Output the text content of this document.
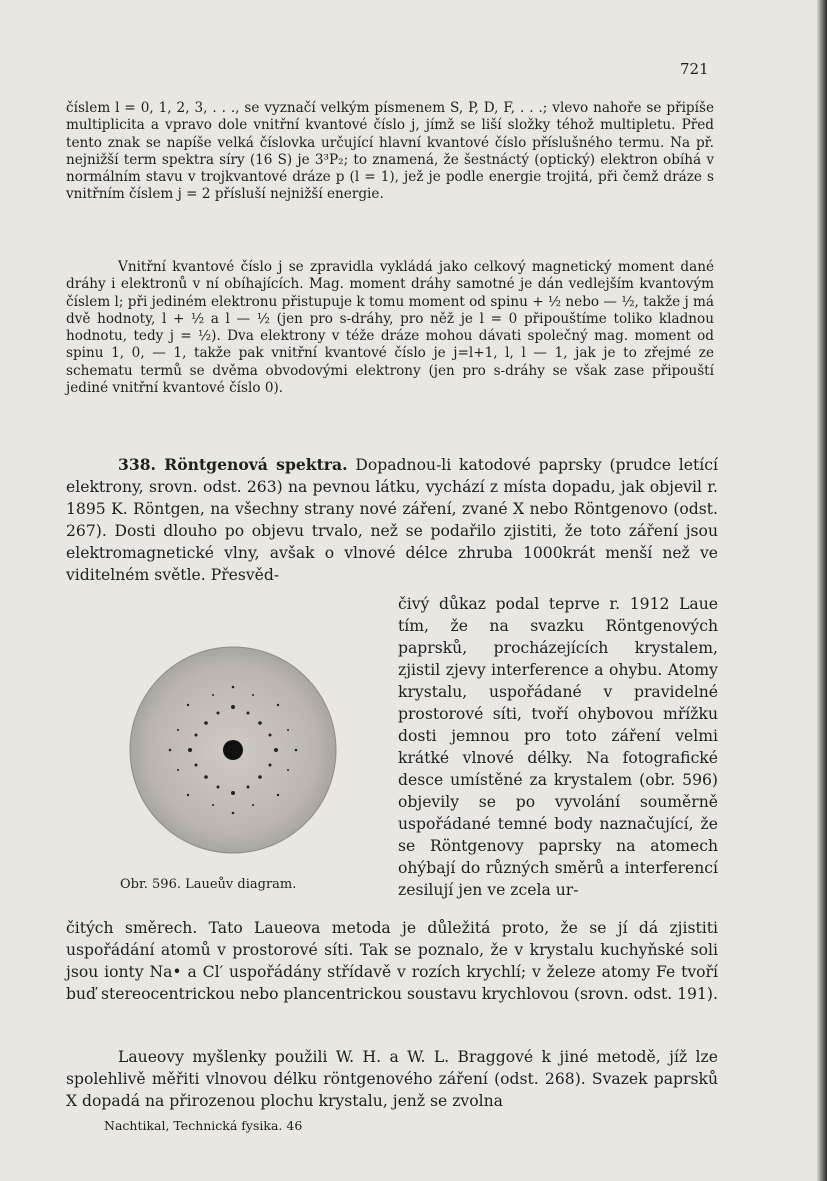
721
číslem l = 0, 1, 2, 3, . . ., se vyznačí velkým písmenem S, P, D, F, . . .; vlevo nahoře se připíše multiplicita a vpravo dole vnitřní kvantové číslo j, jímž se liší složky téhož multipletu. Před tento znak se napíše velká číslovka určující hlavní kvantové číslo příslušného termu. Na př. nejnižší term spektra síry (16 S) je 3³P₂; to znamená, že šestnáctý (optický) elektron obíhá v normálním stavu v trojkvantové dráze p (l = 1), jež je podle energie trojitá, při čemž dráze s vnitřním číslem j = 2 přísluší nejnižší energie.
Vnitřní kvantové číslo j se zpravidla vykládá jako celkový magnetický moment dané dráhy i elektronů v ní obíhajících. Mag. moment dráhy samotné je dán vedlejším kvantovým číslem l; při jediném elektronu přistupuje k tomu moment od spinu + ½ nebo — ½, takže j má dvě hodnoty, l + ½ a l — ½ (jen pro s-dráhy, pro něž je l = 0 připouštíme toliko kladnou hodnotu, tedy j = ½). Dva elektrony v téže dráze mohou dávati společný mag. moment od spinu 1, 0, — 1, takže pak vnitřní kvantové číslo je j=l+1, l, l — 1, jak je to zřejmé ze schematu termů se dvěma obvodovými elektrony (jen pro s-dráhy se však zase připouští jediné vnitřní kvantové číslo 0).
338. Röntgenová spektra. Dopadnou-li katodové paprsky (prudce letící elektrony, srovn. odst. 263) na pevnou látku, vychází z místa dopadu, jak objevil r. 1895 K. Röntgen, na všechny strany nové záření, zvané X nebo Röntgenovo (odst. 267). Dosti dlouho po objevu trvalo, než se podařilo zjistiti, že toto záření jsou elektromagnetické vlny, avšak o vlnové délce zhruba 1000krát menší než ve viditelném světle. Přesvěd-
čivý důkaz podal teprve r. 1912 Laue tím, že na svazku Röntgenových paprsků, procházejících krystalem, zjistil zjevy interference a ohybu. Atomy krystalu, uspořádané v pravidelné prostorové síti, tvoří ohybovou mřížku dosti jemnou pro toto záření velmi krátké vlnové délky. Na fotografické desce umístěné za krystalem (obr. 596) objevily se po vyvolání souměrně uspořádané temné body naznačující, že se Röntgenovy paprsky na atomech ohýbají do různých směrů a interferencí zesilují jen ve zcela ur-
Obr. 596. Laueův diagram.
čitých směrech. Tato Laueova metoda je důležitá proto, že se jí dá zjistiti uspořádání atomů v prostorové síti. Tak se poznalo, že v krystalu kuchyňské soli jsou ionty Na• a Cl′ uspořádány střídavě v rozích krychlí; v železe atomy Fe tvoří buď stereocentrickou nebo plancentrickou soustavu krychlovou (srovn. odst. 191).
Laueovy myšlenky použili W. H. a W. L. Braggové k jiné metodě, jíž lze spolehlivě měřiti vlnovou délku röntgenového záření (odst. 268). Svazek paprsků X dopadá na přirozenou plochu krystalu, jenž se zvolna
Nachtikal, Technická fysika. 46
